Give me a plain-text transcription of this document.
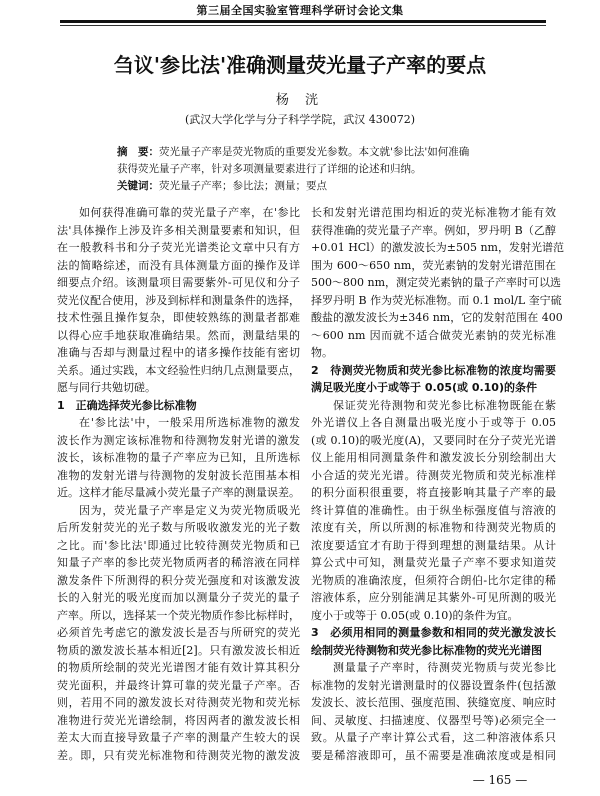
第三届全国实验室管理科学研讨会论文集
刍议'参比法'准确测量荧光量子产率的要点
杨 洸
(武汉大学化学与分子科学学院，武汉 430072)
摘　要：荧光量子产率是荧光物质的重要发光参数。本文就'参比法'如何准确
获得荧光量子产率，针对多项测量要素进行了详细的论述和归纳。
关键词：荧光量子产率；参比法；测量；要点
如何获得准确可靠的荧光量子产率，在'参比
法'具体操作上涉及许多相关测量要素和知识，但
在一般教科书和分子荧光光谱类论文章中只有方
法的简略综述，而没有具体测量方面的操作及详
细要点介绍。该测量项目需要紫外-可见仪和分子
荧光仪配合使用，涉及到标样和测量条件的选择，
技术性强且操作复杂，即使较熟练的测量者都难
以得心应手地获取准确结果。然而，测量结果的
准确与否却与测量过程中的诸多操作技能有密切
关系。通过实践，本文经验性归纳几点测量要点，
愿与同行共勉切磋。
1　正确选择荧光参比标准物
在'参比法'中，一般采用所选标准物的激发
波长作为测定该标准物和待测物发射光谱的激发
波长，该标准物的量子产率应为已知，且所选标
准物的发射光谱与待测物的发射波长范围基本相
近。这样才能尽量减小荧光量子产率的测量误差。
因为，荧光量子产率是定义为荧光物质吸光
后所发射荧光的光子数与所吸收激发光的光子数
之比。而'参比法'即通过比较待测荧光物质和已
知量子产率的参比荧光物质两者的稀溶液在同样
激发条件下所测得的积分荧光强度和对该激发波
长的入射光的吸光度而加以测量分子荧光的量子
产率。所以，选择某一个荧光物质作参比标样时，
必须首先考虑它的激发波长是否与所研究的荧光
物质的激发波长基本相近[2]。只有激发波长相近
的物质所绘制的荧光光谱图才能有效计算其积分
荧光面积，并最终计算可靠的荧光量子产率。否
则，若用不同的激发波长对待测荧光物和荧光标
准物进行荧光光谱绘制，将因两者的激发波长相
差太大而直接导致量子产率的测量产生较大的误
差。即，只有荧光标准物和待测荧光物的激发波
长和发射光谱范围均相近的荧光标准物才能有效
获得准确的荧光量子产率。例如，罗丹明 B（乙醇
+0.01 HCl）的激发波长为±505 nm，发射光谱范
围为 600～650 nm，荧光素钠的发射光谱范围在
500～800 nm，测定荧光素钠的量子产率时可以选
择罗丹明 B 作为荧光标准物。而 0.1 mol/L 奎宁硫
酸盐的激发波长为±346 nm，它的发射范围在 400
～600 nm 因而就不适合做荧光素钠的荧光标准
物。
2　待测荧光物质和荧光参比标准物的浓度均需要
满足吸光度小于或等于 0.05(或 0.10)的条件
保证荧光待测物和荧光参比标准物既能在紫
外光谱仪上各自测量出吸光度小于或等于 0.05
(或 0.10)的吸光度(A)，又要同时在分子荧光光谱
仪上能用相同测量条件和激发波长分别绘制出大
小合适的荧光光谱。待测荧光物质和荧光标准样
的积分面积很重要，将直接影响其量子产率的最
终计算值的准确性。由于纵坐标强度值与溶液的
浓度有关，所以所测的标准物和待测荧光物质的
浓度要适宜才有助于得到理想的测量结果。从计
算公式中可知，测量荧光量子产率不要求知道荧
光物质的准确浓度，但须符合朗伯-比尔定律的稀
溶液体系，应分别能满足其紫外-可见所测的吸光
度小于或等于 0.05(或 0.10)的条件为宜。
3　必须用相同的测量参数和相同的荧光激发波长
绘制荧光待测物和荧光参比标准物的荧光光谱图
测量量子产率时，待测荧光物质与荧光参比
标准物的发射光谱测量时的仪器设置条件(包括激
发波长、波长范围、强度范围、狭缝宽度、响应时
间、灵敏度、扫描速度、仪器型号等)必须完全一
致。从量子产率计算公式看，这二种溶液体系只
要是稀溶液即可，虽不需要是准确浓度或是相同
— 165 —
